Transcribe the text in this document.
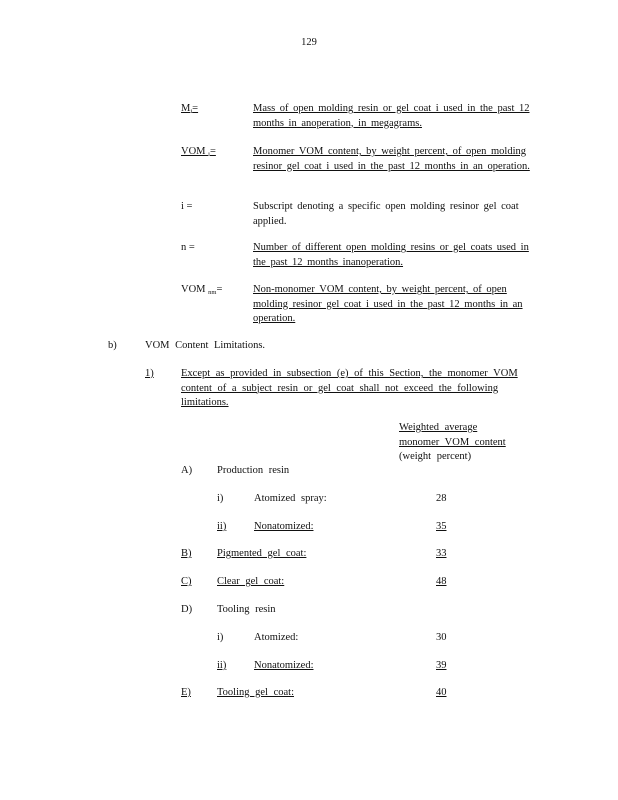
129
$M_i=$	Mass of open molding resin or gel coat i used in the past 12 months in anoperation, in megagrams.
VOM $_i$=	Monomer VOM content, by weight percent, of open molding resinor gel coat i used in the past 12 months in an operation.
i =	Subscript denoting a specific open molding resinor gel coat applied.
n =	Number of different open molding resins or gel coats used in the past 12 months inanoperation.
VOM $_{nm}$=	Non-monomer VOM content, by weight percent, of open molding resinor gel coat i used in the past 12 months in an operation.
b)	VOM Content Limitations.
1)	Except as provided in subsection (e) of this Section, the monomer VOM content of a subject resin or gel coat shall not exceed the following limitations.
Weighted average
monomer VOM content
(weight percent)
A) Production resin
i)	Atomized spray:	28
ii)	Nonatomized:	35
B) Pigmented gel coat:	33
C) Clear gel coat:	48
D) Tooling resin
i)	Atomized:	30
ii)	Nonatomized:	39
E) Tooling gel coat:	40
